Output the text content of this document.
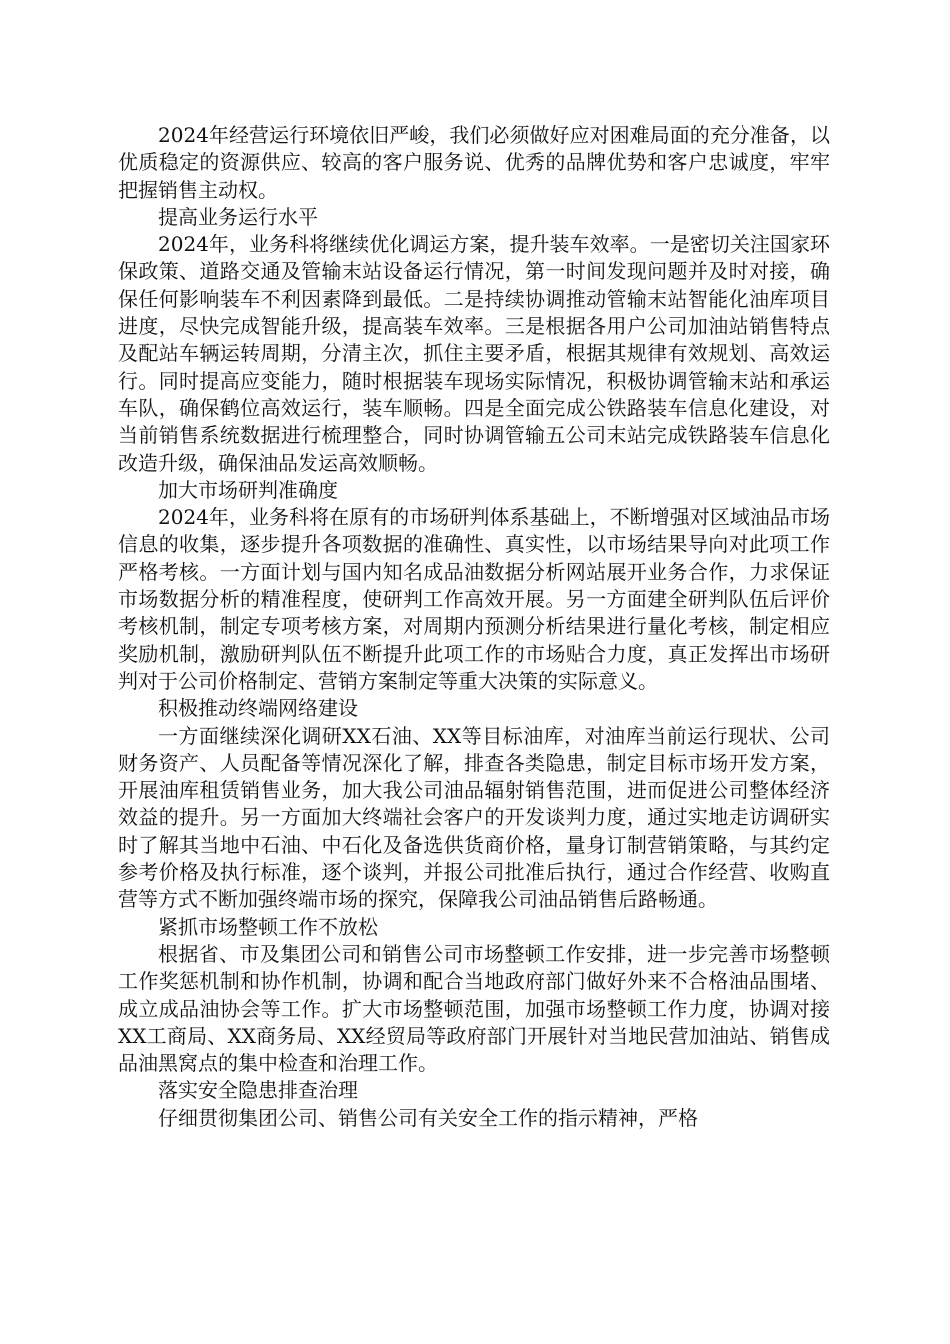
2024年经营运行环境依旧严峻，我们必须做好应对困难局面的充分准备，以优质稳定的资源供应、较高的客户服务说、优秀的品牌优势和客户忠诚度，牢牢把握销售主动权。

提高业务运行水平

2024年，业务科将继续优化调运方案，提升装车效率。一是密切关注国家环保政策、道路交通及管输末站设备运行情况，第一时间发现问题并及时对接，确保任何影响装车不利因素降到最低。二是持续协调推动管输末站智能化油库项目进度，尽快完成智能升级，提高装车效率。三是根据各用户公司加油站销售特点及配站车辆运转周期，分清主次，抓住主要矛盾，根据其规律有效规划、高效运行。同时提高应变能力，随时根据装车现场实际情况，积极协调管输末站和承运车队，确保鹤位高效运行，装车顺畅。四是全面完成公铁路装车信息化建设，对当前销售系统数据进行梳理整合，同时协调管输五公司末站完成铁路装车信息化改造升级，确保油品发运高效顺畅。

加大市场研判准确度

2024年，业务科将在原有的市场研判体系基础上，不断增强对区域油品市场信息的收集，逐步提升各项数据的准确性、真实性，以市场结果导向对此项工作严格考核。一方面计划与国内知名成品油数据分析网站展开业务合作，力求保证市场数据分析的精准程度，使研判工作高效开展。另一方面建全研判队伍后评价考核机制，制定专项考核方案，对周期内预测分析结果进行量化考核，制定相应奖励机制，激励研判队伍不断提升此项工作的市场贴合力度，真正发挥出市场研判对于公司价格制定、营销方案制定等重大决策的实际意义。

积极推动终端网络建设

一方面继续深化调研XX石油、XX等目标油库，对油库当前运行现状、公司财务资产、人员配备等情况深化了解，排查各类隐患，制定目标市场开发方案，开展油库租赁销售业务，加大我公司油品辐射销售范围，进而促进公司整体经济效益的提升。另一方面加大终端社会客户的开发谈判力度，通过实地走访调研实时了解其当地中石油、中石化及备选供货商价格，量身订制营销策略，与其约定参考价格及执行标准，逐个谈判，并报公司批准后执行，通过合作经营、收购直营等方式不断加强终端市场的探究，保障我公司油品销售后路畅通。

紧抓市场整顿工作不放松

根据省、市及集团公司和销售公司市场整顿工作安排，进一步完善市场整顿工作奖惩机制和协作机制，协调和配合当地政府部门做好外来不合格油品围堵、成立成品油协会等工作。扩大市场整顿范围，加强市场整顿工作力度，协调对接XX工商局、XX商务局、XX经贸局等政府部门开展针对当地民营加油站、销售成品油黑窝点的集中检查和治理工作。

落实安全隐患排查治理

仔细贯彻集团公司、销售公司有关安全工作的指示精神，严格
